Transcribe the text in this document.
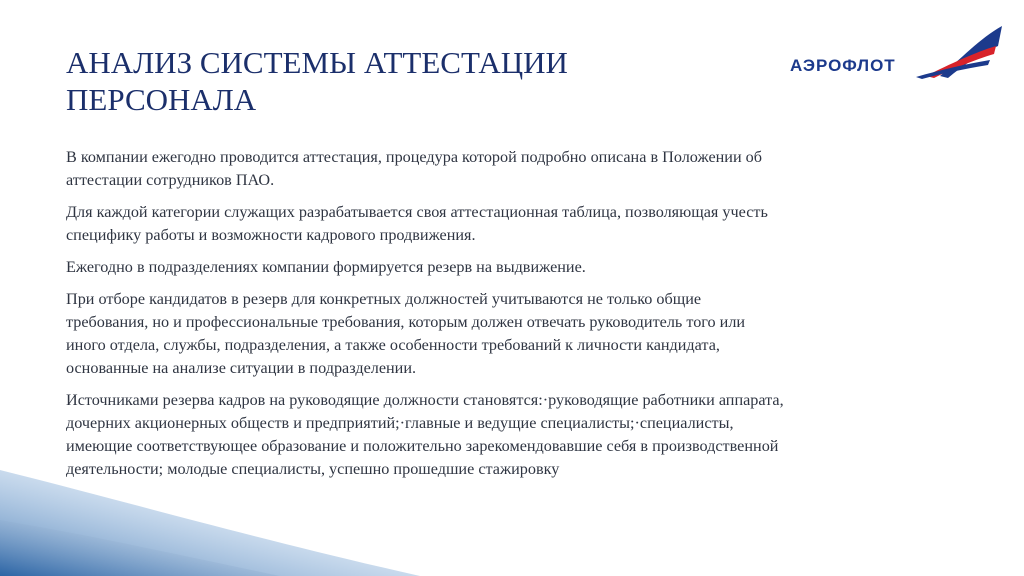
АНАЛИЗ СИСТЕМЫ АТТЕСТАЦИИ
ПЕРСОНАЛА
АЭРОФЛОТ

В компании ежегодно проводится аттестация, процедура которой подробно описана в Положении об аттестации сотрудников ПАО.

Для каждой категории служащих разрабатывается своя аттестационная таблица, позволяющая учесть специфику работы и возможности кадрового продвижения.

Ежегодно в подразделениях компании формируется резерв на выдвижение.

При отборе кандидатов в резерв для конкретных должностей учитываются не только общие требования, но и профессиональные требования, которым должен отвечать руководитель того или иного отдела, службы, подразделения, а также особенности требований к личности кандидата, основанные на анализе ситуации в подразделении.

Источниками резерва кадров на руководящие должности становятся:·руководящие работники аппарата, дочерних акционерных обществ и предприятий;·главные и ведущие специалисты;·специалисты, имеющие соответствующее образование и положительно зарекомендовавшие себя в производственной деятельности; молодые специалисты, успешно прошедшие стажировку
